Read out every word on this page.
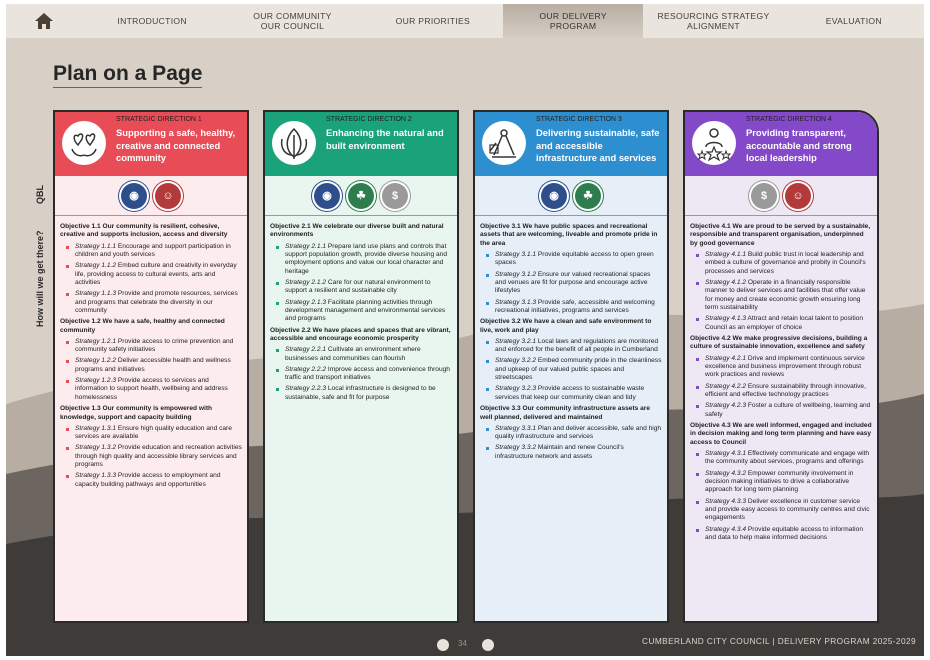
INTRODUCTION	OUR COMMUNITY
OUR COUNCIL	OUR PRIORITIES	OUR DELIVERY
PROGRAM
RESOURCING STRATEGY
ALIGNMENT	EVALUATION
Plan on a Page
QBL
How will we get there?
STRATEGIC DIRECTION 1
Supporting a safe, healthy, creative and connected community
◉	☺
Objective 1.1 Our community is resilient, cohesive, creative and supports inclusion, access and diversity
Strategy 1.1.1 Encourage and support participation in children and youth services
Strategy 1.1.2 Embed culture and creativity in everyday life, providing access to cultural events, arts and activities
Strategy 1.1.3 Provide and promote resources, services and programs that celebrate the diversity in our community
Objective 1.2 We have a safe, healthy and connected community
Strategy 1.2.1 Provide access to crime prevention and community safety initiatives
Strategy 1.2.2 Deliver accessible health and wellness programs and initiatives
Strategy 1.2.3 Provide access to services and information to support health, wellbeing and address homelessness
Objective 1.3 Our community is empowered with knowledge, support and capacity building
Strategy 1.3.1 Ensure high quality education and care services are available
Strategy 1.3.2 Provide education and recreation activities through high quality and accessible library services and programs
Strategy 1.3.3 Provide access to employment and capacity building pathways and opportunities
STRATEGIC DIRECTION 2
Enhancing the natural and built environment
◉	☘	$
Objective 2.1 We celebrate our diverse built and natural environments
Strategy 2.1.1 Prepare land use plans and controls that support population growth, provide diverse housing and employment options and value our local character and heritage
Strategy 2.1.2 Care for our natural environment to support a resilient and sustainable city
Strategy 2.1.3 Facilitate planning activities through development management and environmental services and programs
Objective 2.2 We have places and spaces that are vibrant, accessible and encourage economic prosperity
Strategy 2.2.1 Cultivate an environment where businesses and communities can flourish
Strategy 2.2.2 Improve access and convenience through traffic and transport initiatives
Strategy 2.2.3 Local infrastructure is designed to be sustainable, safe and fit for purpose
STRATEGIC DIRECTION 3
Delivering sustainable, safe and accessible infrastructure and services
◉	☘
Objective 3.1 We have public spaces and recreational assets that are welcoming, liveable and promote pride in the area
Strategy 3.1.1 Provide equitable access to open green spaces
Strategy 3.1.2 Ensure our valued recreational spaces and venues are fit for purpose and encourage active lifestyles
Strategy 3.1.3 Provide safe, accessible and welcoming recreational initiatives, programs and services
Objective 3.2 We have a clean and safe environment to live, work and play
Strategy 3.2.1 Local laws and regulations are monitored and enforced for the benefit of all people in Cumberland
Strategy 3.2.2 Embed community pride in the cleanliness and upkeep of our valued public spaces and streetscapes
Strategy 3.2.3 Provide access to sustainable waste services that keep our community clean and tidy
Objective 3.3 Our community infrastructure assets are well planned, delivered and maintained
Strategy 3.3.1 Plan and deliver accessible, safe and high quality infrastructure and services
Strategy 3.3.2 Maintain and renew Council's infrastructure network and assets
STRATEGIC DIRECTION 4
Providing transparent, accountable and strong local leadership
$	☺
Objective 4.1 We are proud to be served by a sustainable, responsible and transparent organisation, underpinned by good governance
Strategy 4.1.1 Build public trust in local leadership and embed a culture of governance and probity in Council's processes and services
Strategy 4.1.2 Operate in a financially responsible manner to deliver services and facilities that offer value for money and create economic growth ensuring long term sustainability
Strategy 4.1.3 Attract and retain local talent to position Council as an employer of choice
Objective 4.2 We make progressive decisions, building a culture of sustainable innovation, excellence and safety
Strategy 4.2.1 Drive and implement continuous service excellence and business improvement through robust work practices and reviews
Strategy 4.2.2 Ensure sustainability through innovative, efficient and effective technology practices
Strategy 4.2.3 Foster a culture of wellbeing, learning and safety
Objective 4.3 We are well informed, engaged and included in decision making and long term planning and have easy access to Council
Strategy 4.3.1 Effectively communicate and engage with the community about services, programs and offerings
Strategy 4.3.2 Empower community involvement in decision making initiatives to drive a collaborative approach for long term planning
Strategy 4.3.3 Deliver excellence in customer service and provide easy access to community centres and civic engagements
Strategy 4.3.4 Provide equitable access to information and data to help make informed decisions
34	CUMBERLAND CITY COUNCIL | DELIVERY PROGRAM 2025-2029
